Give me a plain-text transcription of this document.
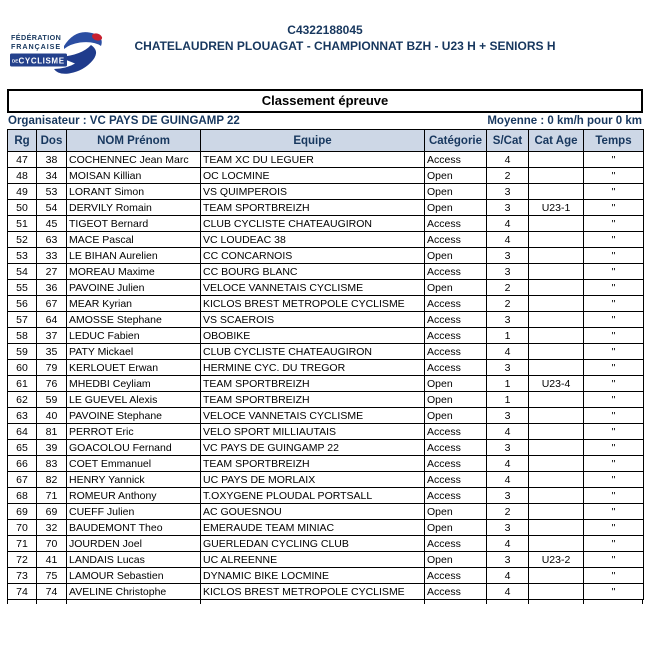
FÉDÉRATION
FRANÇAISE
DE CYCLISME
C4322188045
CHATELAUDREN PLOUAGAT - CHAMPIONNAT BZH - U23 H + SENIORS H
Classement épreuve
Organisateur : VC PAYS DE GUINGAMP 22	Moyenne : 0 km/h pour 0 km
Rg	Dos	NOM Prénom	Equipe	Catégorie	S/Cat	Cat Age	Temps
47	38	COCHENNEC Jean Marc	TEAM XC DU LEGUER	Access	4		"
48	34	MOISAN Killian	OC LOCMINE	Open	2		"
49	53	LORANT Simon	VS QUIMPEROIS	Open	3		"
50	54	DERVILY Romain	TEAM SPORTBREIZH	Open	3	U23-1	"
51	45	TIGEOT Bernard	CLUB CYCLISTE CHATEAUGIRON	Access	4		"
52	63	MACE Pascal	VC LOUDEAC 38	Access	4		"
53	33	LE BIHAN Aurelien	CC CONCARNOIS	Open	3		"
54	27	MOREAU Maxime	CC BOURG BLANC	Access	3		"
55	36	PAVOINE Julien	VELOCE VANNETAIS CYCLISME	Open	2		"
56	67	MEAR Kyrian	KICLOS BREST METROPOLE CYCLISME	Access	2		"
57	64	AMOSSE Stephane	VS SCAEROIS	Access	3		"
58	37	LEDUC Fabien	OBOBIKE	Access	1		"
59	35	PATY Mickael	CLUB CYCLISTE CHATEAUGIRON	Access	4		"
60	79	KERLOUET Erwan	HERMINE CYC. DU TREGOR	Access	3		"
61	76	MHEDBI Ceyliam	TEAM SPORTBREIZH	Open	1	U23-4	"
62	59	LE GUEVEL Alexis	TEAM SPORTBREIZH	Open	1		"
63	40	PAVOINE Stephane	VELOCE VANNETAIS CYCLISME	Open	3		"
64	81	PERROT Eric	VELO SPORT MILLIAUTAIS	Access	4		"
65	39	GOACOLOU Fernand	VC PAYS DE GUINGAMP 22	Access	3		"
66	83	COET Emmanuel	TEAM SPORTBREIZH	Access	4		"
67	82	HENRY Yannick	UC PAYS DE MORLAIX	Access	4		"
68	71	ROMEUR Anthony	T.OXYGENE PLOUDAL PORTSALL	Access	3		"
69	69	CUEFF Julien	AC GOUESNOU	Open	2		"
70	32	BAUDEMONT Theo	EMERAUDE TEAM MINIAC	Open	3		"
71	70	JOURDEN Joel	GUERLEDAN CYCLING CLUB	Access	4		"
72	41	LANDAIS Lucas	UC ALREENNE	Open	3	U23-2	"
73	75	LAMOUR Sebastien	DYNAMIC BIKE LOCMINE	Access	4		"
74	74	AVELINE Christophe	KICLOS BREST METROPOLE CYCLISME	Access	4		"
